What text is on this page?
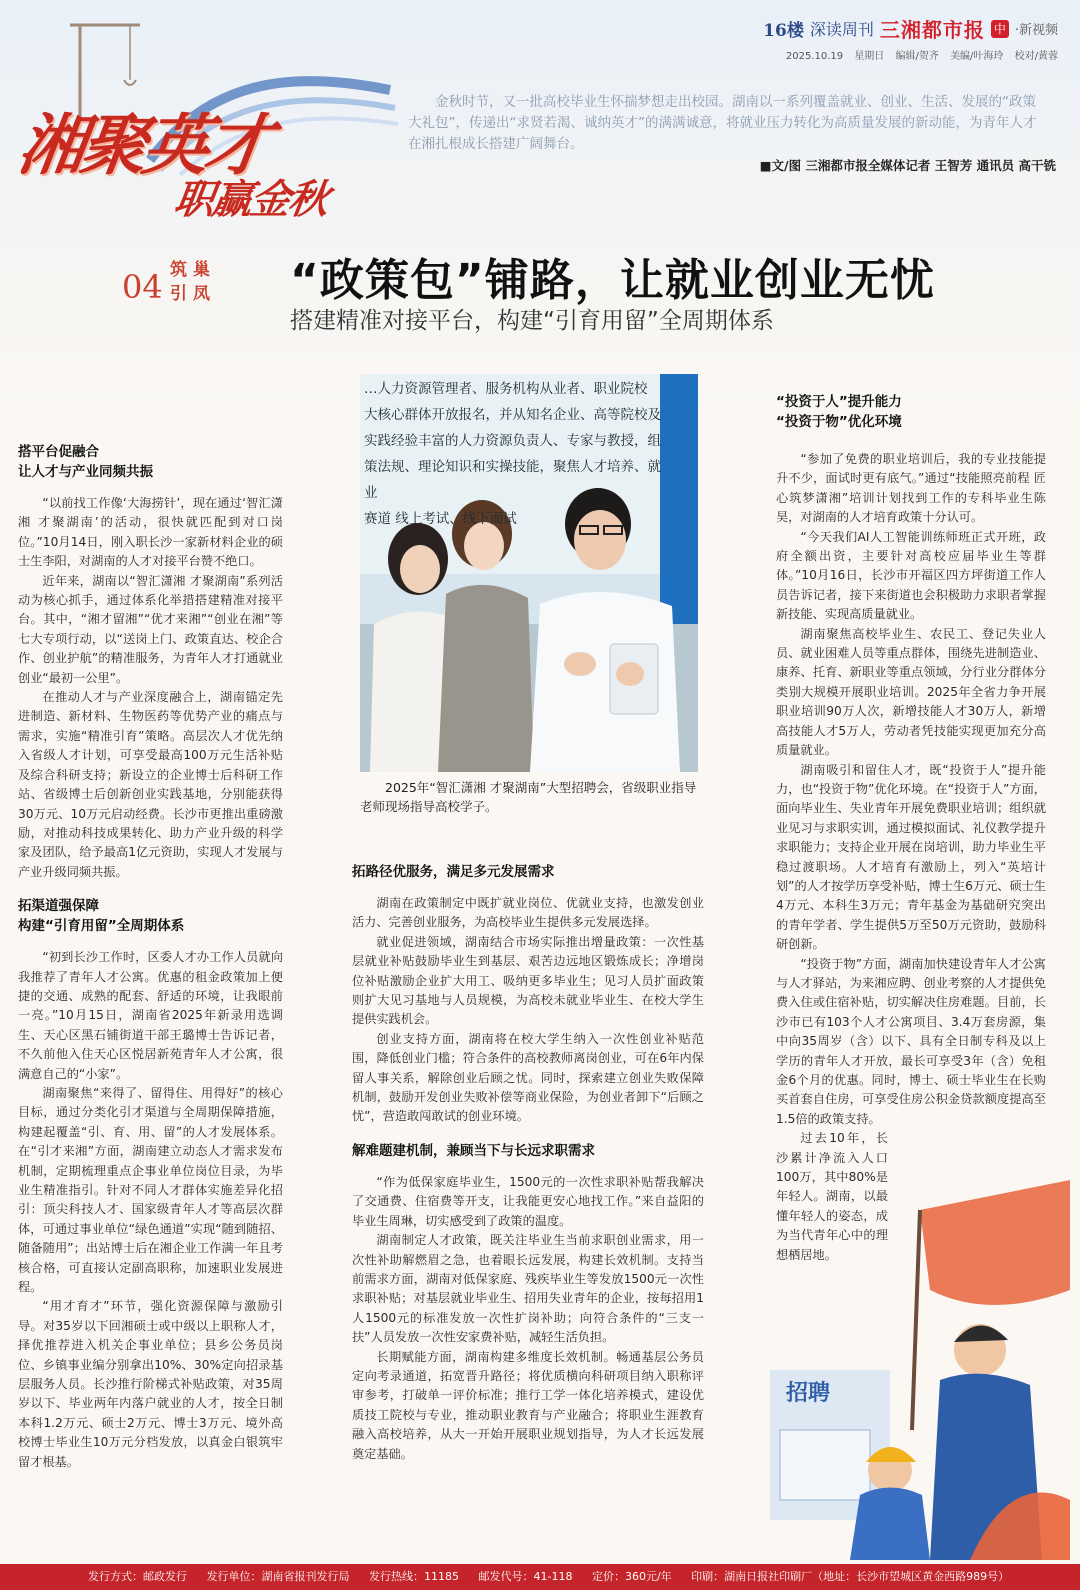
16楼 深读周刊 三湘都市报 中 ·新视频
2025.10.19 星期日 编辑/贺齐 美编/叶海玲 校对/黄蓉
湘聚英才
职赢金秋

金秋时节，又一批高校毕业生怀揣梦想走出校园。湖南以一系列覆盖就业、创业、生活、发展的“政策大礼包”，传递出“求贤若渴、诚纳英才”的满满诚意，将就业压力转化为高质量发展的新动能，为青年人才在湘扎根成长搭建广阔舞台。

■文/图 三湘都市报全媒体记者 王智芳 通讯员 高干铣
04 筑巢引凤 “政策包”铺路，让就业创业无忧
搭建精准对接平台，构建“引育用留”全周期体系
…人力资源管理者、服务机构从业者、职业院校
大核心群体开放报名，并从知名企业、高等院校及
实践经验丰富的人力资源负责人、专家与教授，组
策法规、理论知识和实操技能，聚焦人才培养、就业
赛道 线上考试、线下面试
2025年“智汇潇湘 才聚湖南”大型招聘会，省级职业指导老师现场指导高校学子。
搭平台促融合
让人才与产业同频共振

“以前找工作像‘大海捞针’，现在通过‘智汇潇湘 才聚湖南’的活动，很快就匹配到对口岗位。”10月14日，刚入职长沙一家新材料企业的硕士生李阳，对湖南的人才对接平台赞不绝口。

近年来，湖南以“智汇潇湘 才聚湖南”系列活动为核心抓手，通过体系化举措搭建精准对接平台。其中，“湘才留湘”“优才来湘”“创业在湘”等七大专项行动，以“送岗上门、政策直达、校企合作、创业护航”的精准服务，为青年人才打通就业创业“最初一公里”。

在推动人才与产业深度融合上，湖南锚定先进制造、新材料、生物医药等优势产业的痛点与需求，实施“精准引育”策略。高层次人才优先纳入省级人才计划，可享受最高100万元生活补贴及综合科研支持；新设立的企业博士后科研工作站、省级博士后创新创业实践基地，分别能获得30万元、10万元启动经费。长沙市更推出重磅激励，对推动科技成果转化、助力产业升级的科学家及团队，给予最高1亿元资助，实现人才发展与产业升级同频共振。

拓渠道强保障
构建“引育用留”全周期体系

“初到长沙工作时，区委人才办工作人员就向我推荐了青年人才公寓。优惠的租金政策加上便捷的交通、成熟的配套、舒适的环境，让我眼前一亮。”10月15日，湖南省2025年新录用选调生、天心区黑石铺街道干部王璐博士告诉记者，不久前他入住天心区悦居新苑青年人才公寓，很满意自己的“小家”。

湖南聚焦“来得了、留得住、用得好”的核心目标，通过分类化引才渠道与全周期保障措施，构建起覆盖“引、育、用、留”的人才发展体系。在“引才来湘”方面，湖南建立动态人才需求发布机制，定期梳理重点企事业单位岗位目录，为毕业生精准指引。针对不同人才群体实施差异化招引：顶尖科技人才、国家级青年人才等高层次群体，可通过事业单位“绿色通道”实现“随到随招、随备随用”；出站博士后在湘企业工作满一年且考核合格，可直接认定副高职称，加速职业发展进程。

“用才育才”环节，强化资源保障与激励引导。对35岁以下回湘硕士或中级以上职称人才，择优推荐进入机关企事业单位；县乡公务员岗位、乡镇事业编分别拿出10%、30%定向招录基层服务人员。长沙推行阶梯式补贴政策，对35周岁以下、毕业两年内落户就业的人才，按全日制本科1.2万元、硕士2万元、博士3万元、境外高校博士毕业生10万元分档发放，以真金白银筑牢留才根基。

拓路径优服务，满足多元发展需求

湖南在政策制定中既扩就业岗位、优就业支持，也激发创业活力、完善创业服务，为高校毕业生提供多元发展选择。

就业促进领域，湖南结合市场实际推出增量政策：一次性基层就业补贴鼓励毕业生到基层、艰苦边远地区锻炼成长；净增岗位补贴激励企业扩大用工、吸纳更多毕业生；见习人员扩面政策则扩大见习基地与人员规模，为高校未就业毕业生、在校大学生提供实践机会。

创业支持方面，湖南将在校大学生纳入一次性创业补贴范围，降低创业门槛；符合条件的高校教师离岗创业，可在6年内保留人事关系，解除创业后顾之忧。同时，探索建立创业失败保障机制，鼓励开发创业失败补偿等商业保险，为创业者卸下“后顾之忧”，营造敢闯敢试的创业环境。

解难题建机制，兼顾当下与长远求职需求

“作为低保家庭毕业生，1500元的一次性求职补贴帮我解决了交通费、住宿费等开支，让我能更安心地找工作。”来自益阳的毕业生周琳，切实感受到了政策的温度。

湖南制定人才政策，既关注毕业生当前求职创业需求，用一次性补助解燃眉之急，也着眼长远发展，构建长效机制。支持当前需求方面，湖南对低保家庭、残疾毕业生等发放1500元一次性求职补贴；对基层就业毕业生、招用失业青年的企业，按每招用1人1500元的标准发放一次性扩岗补助；向符合条件的“三支一扶”人员发放一次性安家费补贴，减轻生活负担。

长期赋能方面，湖南构建多维度长效机制。畅通基层公务员定向考录通道，拓宽晋升路径；将优质横向科研项目纳入职称评审参考，打破单一评价标准；推行工学一体化培养模式，建设优质技工院校与专业，推动职业教育与产业融合；将职业生涯教育融入高校培养，从大一开始开展职业规划指导，为人才长远发展奠定基础。

“投资于人”提升能力
“投资于物”优化环境

“参加了免费的职业培训后，我的专业技能提升不少，面试时更有底气。”通过“技能照亮前程 匠心筑梦潇湘”培训计划找到工作的专科毕业生陈昊，对湖南的人才培育政策十分认可。

“今天我们AI人工智能训练师班正式开班，政府全额出资，主要针对高校应届毕业生等群体。”10月16日，长沙市开福区四方坪街道工作人员告诉记者，接下来街道也会积极助力求职者掌握新技能、实现高质量就业。

湖南聚焦高校毕业生、农民工、登记失业人员、就业困难人员等重点群体，围绕先进制造业、康养、托育、新职业等重点领域，分行业分群体分类别大规模开展职业培训。2025年全省力争开展职业培训90万人次，新增技能人才30万人，新增高技能人才5万人，劳动者凭技能实现更加充分高质量就业。

湖南吸引和留住人才，既“投资于人”提升能力，也“投资于物”优化环境。在“投资于人”方面，面向毕业生、失业青年开展免费职业培训；组织就业见习与求职实训，通过模拟面试、礼仪教学提升求职能力；支持企业开展在岗培训，助力毕业生平稳过渡职场。人才培育有激励上，列入“英培计划”的人才按学历享受补贴，博士生6万元、硕士生4万元、本科生3万元；青年基金为基础研究突出的青年学者、学生提供5万至50万元资助，鼓励科研创新。

“投资于物”方面，湖南加快建设青年人才公寓与人才驿站，为来湘应聘、创业考察的人才提供免费入住或住宿补贴，切实解决住房难题。目前，长沙市已有103个人才公寓项目、3.4万套房源，集中向35周岁（含）以下、具有全日制专科及以上学历的青年人才开放，最长可享受3年（含）免租金6个月的优惠。同时，博士、硕士毕业生在长购买首套自住房，可享受住房公积金贷款额度提高至1.5倍的政策支持。

过去10年，长沙累计净流入人口100万，其中80%是年轻人。湖南，以最懂年轻人的姿态，成为当代青年心中的理想栖居地。

招聘
发行方式：邮政发行 发行单位：湖南省报刊发行局 发行热线：11185 邮发代号：41-118 定价：360元/年 印刷：湖南日报社印刷厂（地址：长沙市望城区黄金西路989号）
